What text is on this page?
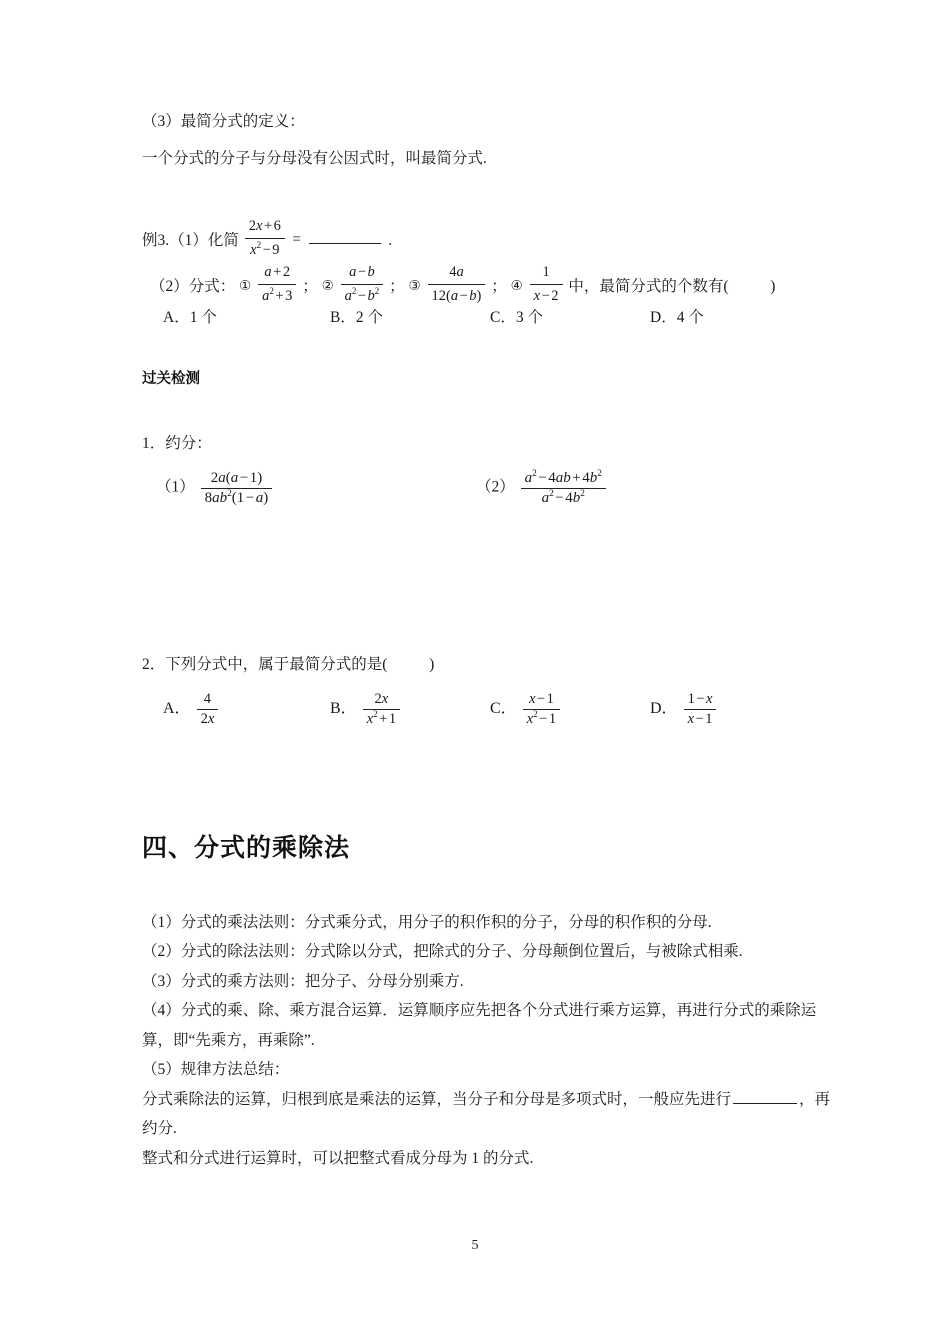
（3）最简分式的定义：
一个分式的分子与分母没有公因式时，叫最简分式.
例3.（1）化简 $\frac{2x + 6}{x^2 - 9}$ =	.
（2）分式： ① $\frac{a + 2}{a^2 + 3}$ ； ② $\frac{a - b}{a^2 - b^2}$ ； ③ $\frac{4a}{12(a - b)}$ ； ④ $\frac{1}{x - 2}$ 中，最简分式的个数有(	)
A．1 个	B．2 个	C．3 个	D．4 个
过关检测
1．约分：
$(1) \frac{2a(a - 1)}{8ab^2(1 - a)}$	$(2) \frac{a^2 - 4ab + 4b^2}{a^2 - 4b^2}$
2．下列分式中，属于最简分式的是(	)
A． $\frac{4}{2x}$	B． $\frac{2x}{x^2 + 1}$	C． $\frac{x - 1}{x^2 - 1}$	D． $\frac{1 - x}{x - 1}$
四、分式的乘除法
（1）分式的乘法法则：分式乘分式，用分子的积作积的分子，分母的积作积的分母.
（2）分式的除法法则：分式除以分式，把除式的分子、分母颠倒位置后，与被除式相乘.
（3）分式的乘方法则：把分子、分母分别乘方.
（4）分式的乘、除、乘方混合运算．运算顺序应先把各个分式进行乘方运算，再进行分式的乘除运算，即“先乘方，再乘除”.
（5）规律方法总结：
分式乘除法的运算，归根到底是乘法的运算，当分子和分母是多项式时，一般应先进行	，再约分.
整式和分式进行运算时，可以把整式看成分母为 1 的分式.
5
